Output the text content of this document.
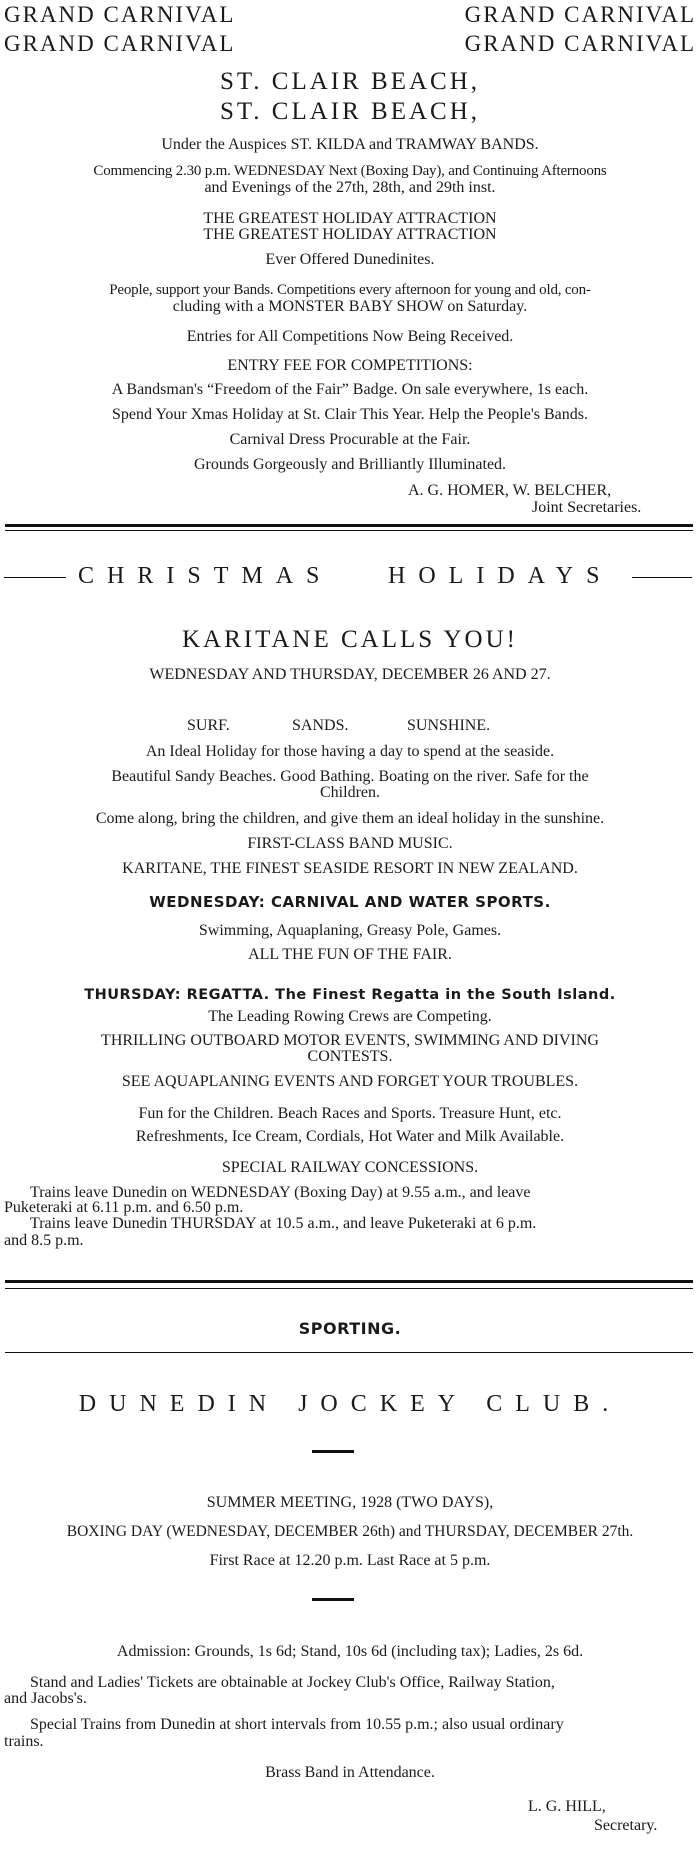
GRAND CARNIVAL
GRAND CARNIVAL
GRAND CARNIVAL
GRAND CARNIVAL
ST. CLAIR BEACH,
ST. CLAIR BEACH,
Under the Auspices ST. KILDA and TRAMWAY BANDS.
Commencing 2.30 p.m. WEDNESDAY Next (Boxing Day), and Continuing Afternoons
and Evenings of the 27th, 28th, and 29th inst.
THE GREATEST HOLIDAY ATTRACTION
THE GREATEST HOLIDAY ATTRACTION
Ever Offered Dunedinites.
People, support your Bands. Competitions every afternoon for young and old, con-
cluding with a MONSTER BABY SHOW on Saturday.
Entries for All Competitions Now Being Received.
ENTRY FEE FOR COMPETITIONS:
A Bandsman's “Freedom of the Fair” Badge. On sale everywhere, 1s each.
Spend Your Xmas Holiday at St. Clair This Year. Help the People's Bands.
Carnival Dress Procurable at the Fair.
Grounds Gorgeously and Brilliantly Illuminated.
A. G. HOMER, W. BELCHER,
Joint Secretaries.
CHRISTMAS HOLIDAYS
KARITANE CALLS YOU!
WEDNESDAY AND THURSDAY, DECEMBER 26 AND 27.
SURF.	SANDS.	SUNSHINE.
An Ideal Holiday for those having a day to spend at the seaside.
Beautiful Sandy Beaches. Good Bathing. Boating on the river. Safe for the
Children.
Come along, bring the children, and give them an ideal holiday in the sunshine.
FIRST-CLASS BAND MUSIC.
KARITANE, THE FINEST SEASIDE RESORT IN NEW ZEALAND.
WEDNESDAY: CARNIVAL AND WATER SPORTS.
Swimming, Aquaplaning, Greasy Pole, Games.
ALL THE FUN OF THE FAIR.
THURSDAY: REGATTA. The Finest Regatta in the South Island.
The Leading Rowing Crews are Competing.
THRILLING OUTBOARD MOTOR EVENTS, SWIMMING AND DIVING
CONTESTS.
SEE AQUAPLANING EVENTS AND FORGET YOUR TROUBLES.
Fun for the Children. Beach Races and Sports. Treasure Hunt, etc.
Refreshments, Ice Cream, Cordials, Hot Water and Milk Available.
SPECIAL RAILWAY CONCESSIONS.
Trains leave Dunedin on WEDNESDAY (Boxing Day) at 9.55 a.m., and leave
Puketeraki at 6.11 p.m. and 6.50 p.m.
Trains leave Dunedin THURSDAY at 10.5 a.m., and leave Puketeraki at 6 p.m.
and 8.5 p.m.
SPORTING.
DUNEDIN JOCKEY CLUB.
SUMMER MEETING, 1928 (TWO DAYS),
BOXING DAY (WEDNESDAY, DECEMBER 26th) and THURSDAY, DECEMBER 27th.
First Race at 12.20 p.m. Last Race at 5 p.m.
Admission: Grounds, 1s 6d; Stand, 10s 6d (including tax); Ladies, 2s 6d.
Stand and Ladies' Tickets are obtainable at Jockey Club's Office, Railway Station,
and Jacobs's.
Special Trains from Dunedin at short intervals from 10.55 p.m.; also usual ordinary
trains.
Brass Band in Attendance.
L. G. HILL,
Secretary.
